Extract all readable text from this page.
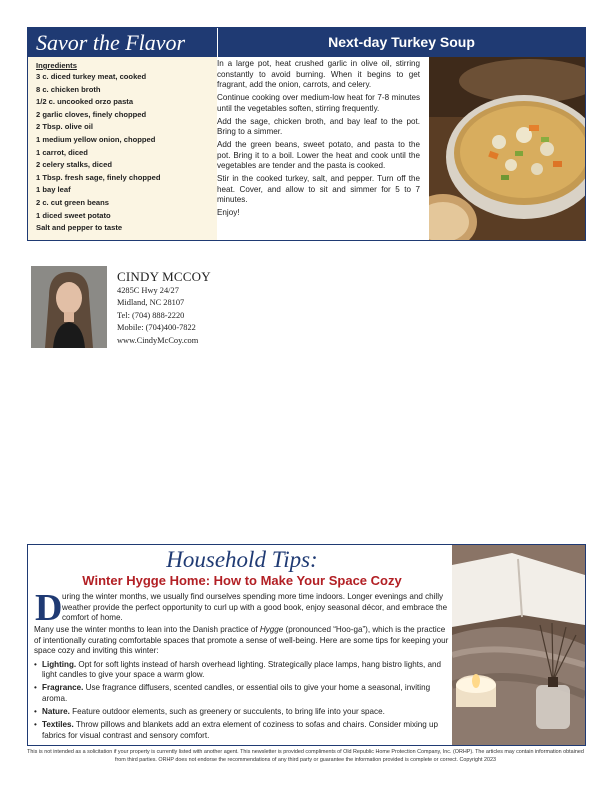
Savor the Flavor	Next-day Turkey Soup
Ingredients
3 c. diced turkey meat, cooked
8 c. chicken broth
1/2 c. uncooked orzo pasta
2 garlic cloves, finely chopped
2 Tbsp. olive oil
1 medium yellow onion, chopped
1 carrot, diced
2 celery stalks, diced
1 Tbsp. fresh sage, finely chopped
1 bay leaf
2 c. cut green beans
1 diced sweet potato
Salt and pepper to taste

In a large pot, heat crushed garlic in olive oil, stirring constantly to avoid burning. When it begins to get fragrant, add the onion, carrots, and celery.

Continue cooking over medium-low heat for 7-8 minutes until the vegetables soften, stirring frequently.

Add the sage, chicken broth, and bay leaf to the pot. Bring to a simmer.

Add the green beans, sweet potato, and pasta to the pot. Bring it to a boil. Lower the heat and cook until the vegetables are tender and the pasta is cooked.

Stir in the cooked turkey, salt, and pepper. Turn off the heat. Cover, and allow to sit and simmer for 5 to 7 minutes.

Enjoy!

CINDY MCCOY
4285C Hwy 24/27
Midland, NC 28107
Tel: (704) 888-2220
Mobile: (704)400-7822
www.CindyMcCoy.com
Household Tips:
Winter Hygge Home: How to Make Your Space Cozy
D uring the winter months, we usually find ourselves spending more time indoors. Longer evenings and chilly weather provide the perfect opportunity to curl up with a good book, enjoy seasonal décor, and embrace the comfort of home.
Many use the winter months to lean into the Danish practice of Hygge (pronounced “Hoo-ga”), which is the practice of intentionally curating comfortable spaces that promote a sense of well-being. Here are some tips for keeping your space cozy and inviting this winter:
• Lighting. Opt for soft lights instead of harsh overhead lighting. Strategically place lamps, hang bistro lights, and light candles to give your space a warm glow.
• Fragrance. Use fragrance diffusers, scented candles, or essential oils to give your home a seasonal, inviting aroma.
• Nature. Feature outdoor elements, such as greenery or succulents, to bring life into your space.
• Textiles. Throw pillows and blankets add an extra element of coziness to sofas and chairs. Consider mixing up fabrics for visual contrast and sensory comfort.
This is not intended as a solicitation if your property is currently listed with another agent. This newsletter is provided compliments of Old Republic Home Protection Company, Inc. (ORHP). The articles may contain information obtained from third parties. ORHP does not endorse the recommendations of any third party or guarantee the information provided is complete or correct. Copyright 2023
